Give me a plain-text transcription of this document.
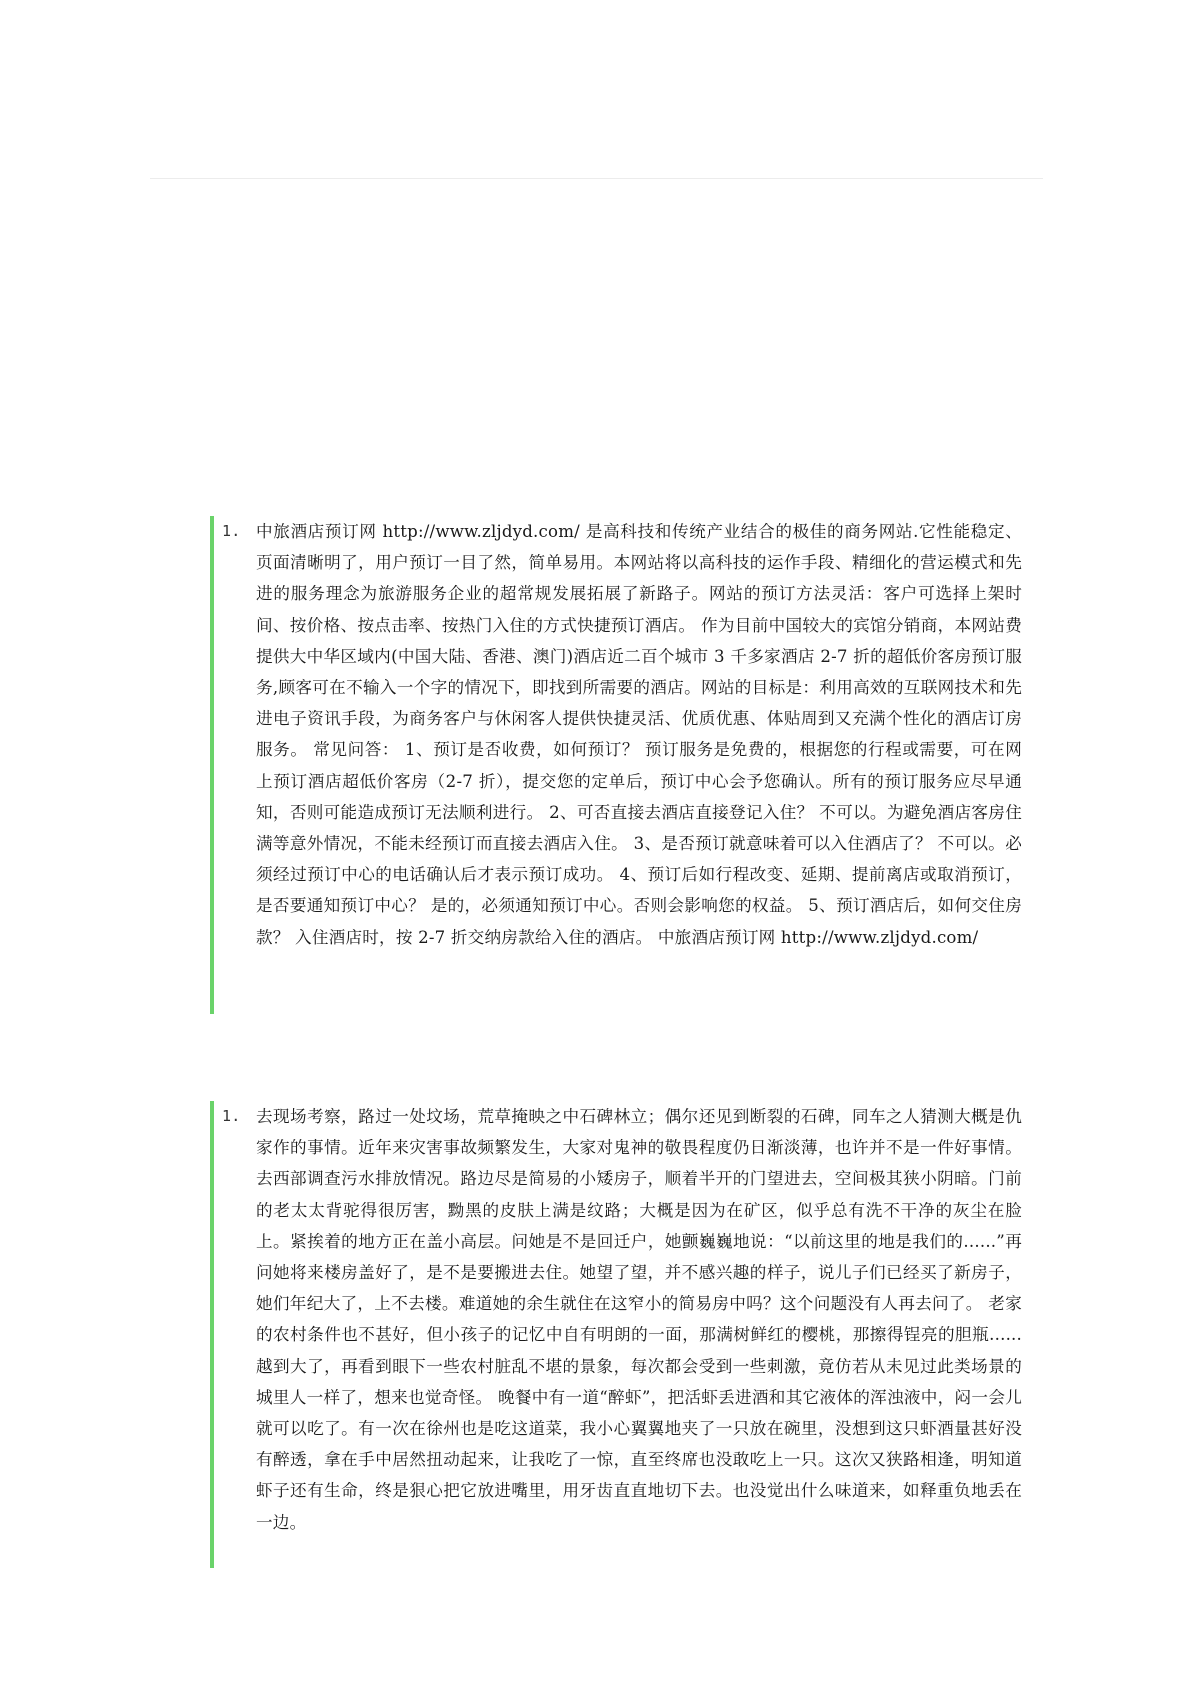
1. 中旅酒店预订网 http://www.zljdyd.com/ 是高科技和传统产业结合的极佳的商务网站.它性能稳定、页面清晰明了，用户预订一目了然，简单易用。本网站将以高科技的运作手段、精细化的营运模式和先进的服务理念为旅游服务企业的超常规发展拓展了新路子。网站的预订方法灵活：客户可选择上架时间、按价格、按点击率、按热门入住的方式快捷预订酒店。 作为目前中国较大的宾馆分销商，本网站费提供大中华区域内(中国大陆、香港、澳门)酒店近二百个城市 3 千多家酒店 2-7 折的超低价客房预订服务,顾客可在不输入一个字的情况下，即找到所需要的酒店。网站的目标是：利用高效的互联网技术和先进电子资讯手段，为商务客户与休闲客人提供快捷灵活、优质优惠、体贴周到又充满个性化的酒店订房服务。 常见问答： 1、预订是否收费，如何预订？ 预订服务是免费的，根据您的行程或需要，可在网上预订酒店超低价客房（2-7 折），提交您的定单后，预订中心会予您确认。所有的预订服务应尽早通知，否则可能造成预订无法顺利进行。 2、可否直接去酒店直接登记入住？ 不可以。为避免酒店客房住满等意外情况，不能未经预订而直接去酒店入住。 3、是否预订就意味着可以入住酒店了？ 不可以。必须经过预订中心的电话确认后才表示预订成功。 4、预订后如行程改变、延期、提前离店或取消预订，是否要通知预订中心？ 是的，必须通知预订中心。否则会影响您的权益。 5、预订酒店后，如何交住房款？ 入住酒店时，按 2-7 折交纳房款给入住的酒店。 中旅酒店预订网 http://www.zljdyd.com/
1. 去现场考察，路过一处坟场，荒草掩映之中石碑林立；偶尔还见到断裂的石碑，同车之人猜测大概是仇家作的事情。近年来灾害事故频繁发生，大家对鬼神的敬畏程度仍日渐淡薄，也许并不是一件好事情。 去西部调查污水排放情况。路边尽是简易的小矮房子，顺着半开的门望进去，空间极其狭小阴暗。门前的老太太背驼得很厉害，黝黑的皮肤上满是纹路；大概是因为在矿区，似乎总有洗不干净的灰尘在脸上。紧挨着的地方正在盖小高层。问她是不是回迁户，她颤巍巍地说：“以前这里的地是我们的......”再问她将来楼房盖好了，是不是要搬进去住。她望了望，并不感兴趣的样子，说儿子们已经买了新房子，她们年纪大了，上不去楼。难道她的余生就住在这窄小的简易房中吗？这个问题没有人再去问了。 老家的农村条件也不甚好，但小孩子的记忆中自有明朗的一面，那满树鲜红的樱桃，那擦得锃亮的胆瓶......越到大了，再看到眼下一些农村脏乱不堪的景象，每次都会受到一些刺激，竟仿若从未见过此类场景的城里人一样了，想来也觉奇怪。 晚餐中有一道“醉虾”，把活虾丢进酒和其它液体的浑浊液中，闷一会儿就可以吃了。有一次在徐州也是吃这道菜，我小心翼翼地夹了一只放在碗里，没想到这只虾酒量甚好没有醉透，拿在手中居然扭动起来，让我吃了一惊，直至终席也没敢吃上一只。这次又狭路相逢，明知道虾子还有生命，终是狠心把它放进嘴里，用牙齿直直地切下去。也没觉出什么味道来，如释重负地丢在一边。
